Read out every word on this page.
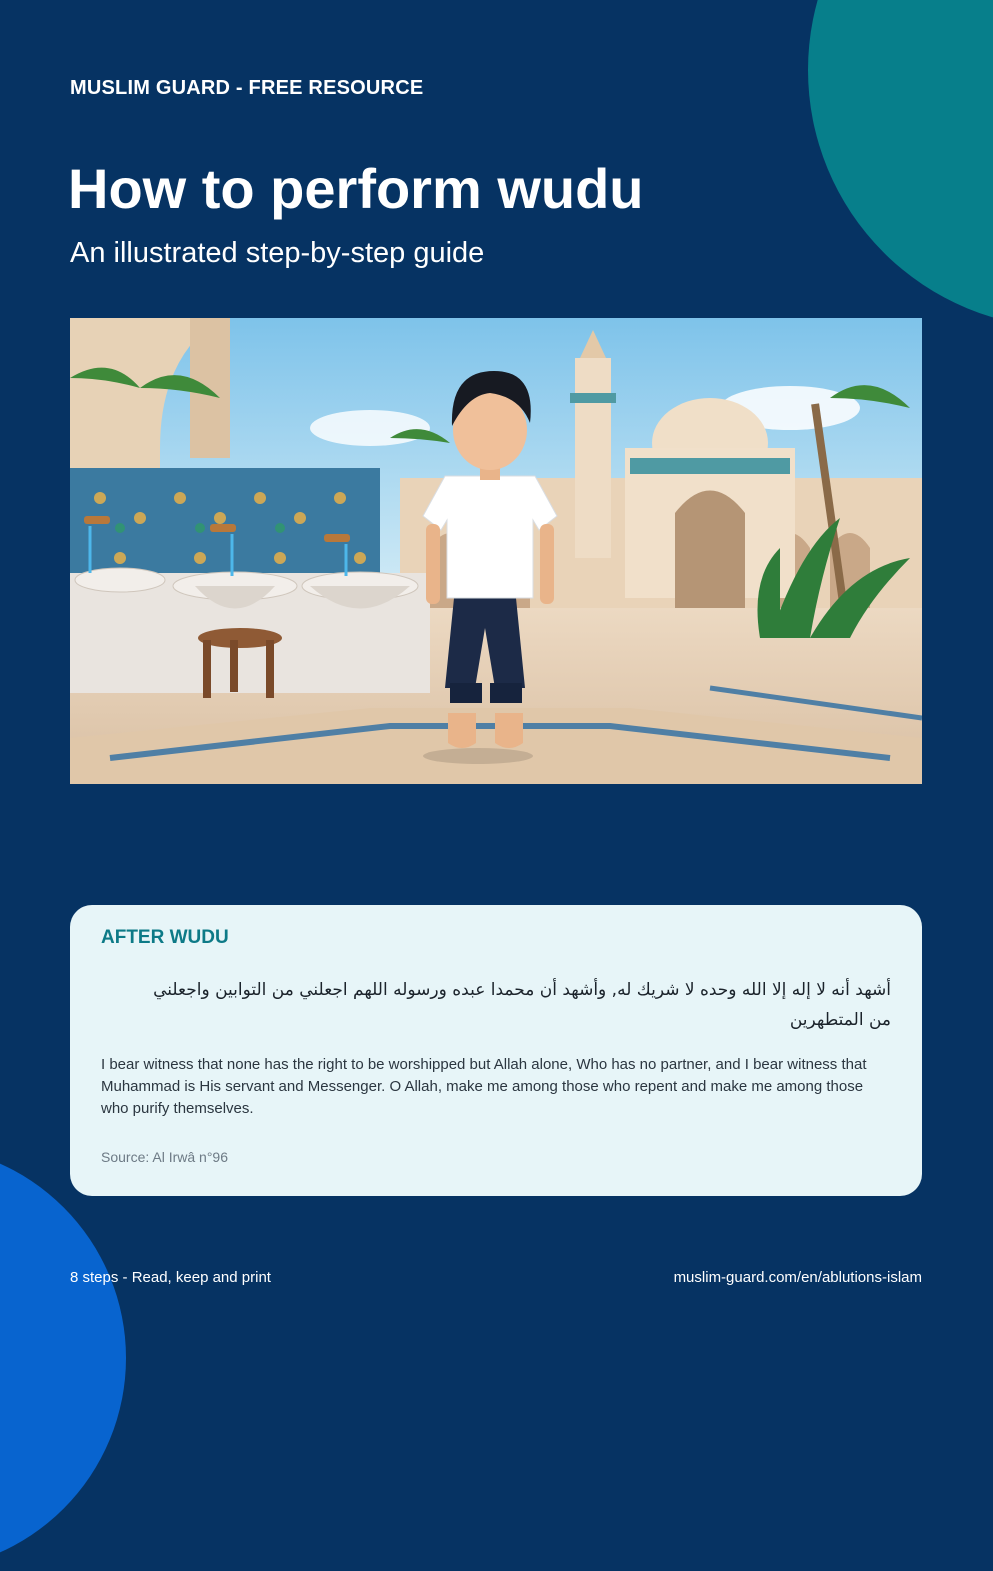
MUSLIM GUARD - FREE RESOURCE
How to perform wudu
An illustrated step-by-step guide
AFTER WUDU
أشهد أنه لا إله إلا الله وحده لا شريك له, وأشهد أن محمدا عبده ورسوله اللهم اجعلني من التوابين واجعلني من المتطهرين
I bear witness that none has the right to be worshipped but Allah alone, Who has no partner, and I bear witness that Muhammad is His servant and Messenger. O Allah, make me among those who repent and make me among those who purify themselves.
Source: Al Irwâ n°96
8 steps - Read, keep and print	muslim-guard.com/en/ablutions-islam
